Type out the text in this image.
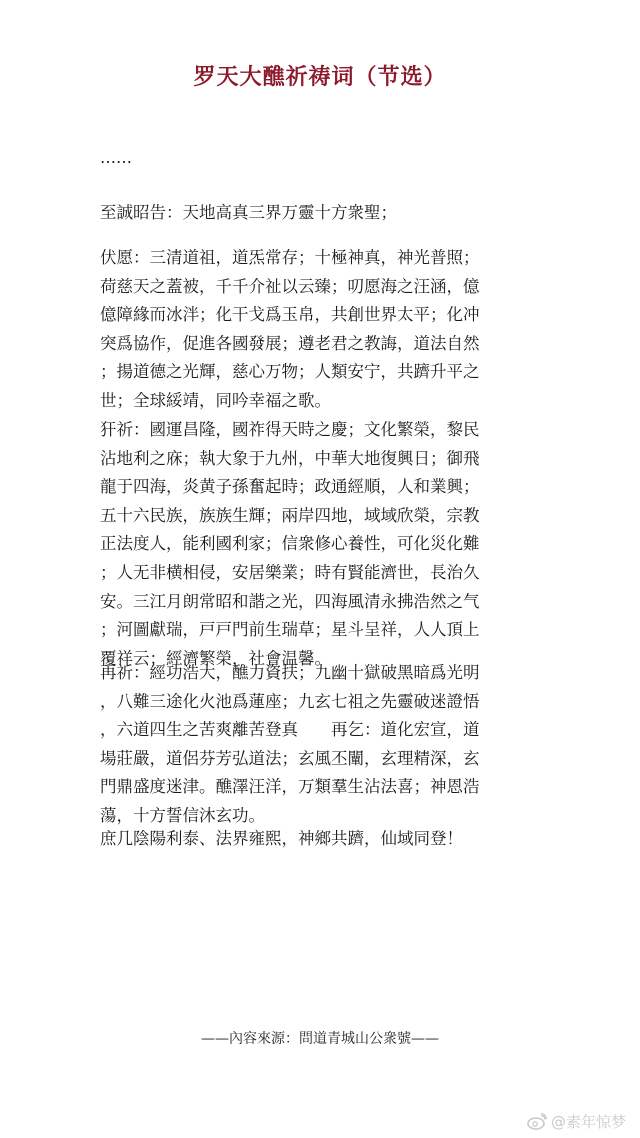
罗天大醮祈祷词（节选）

……

至誠昭告：天地高真三界万靈十方衆聖；

伏愿：三清道祖，道炁常存；十極神真，神光普照；
荷慈天之蓋被，千千介祉以云臻；叨愿海之汪涵，億
億障緣而冰泮；化干戈爲玉帛，共創世界太平；化冲
突爲協作，促進各國發展；遵老君之教誨，道法自然
；揚道德之光輝，慈心万物；人類安宁，共躋升平之
世；全球綏靖，同吟幸福之歌。

犴祈：國運昌隆，國祚得天時之慶；文化繁榮，黎民
沾地利之庥；執大象于九州，中華大地復興日；御飛
龍于四海，炎黄子孫奮起時；政通經順，人和業興；
五十六民族，族族生輝；兩岸四地，域域欣榮，宗教
正法度人，能利國利家；信衆修心養性，可化災化難
；人无非横相侵，安居樂業；時有賢能濟世，長治久
安。三江月朗常昭和諧之光，四海風清永拂浩然之气
；河圖獻瑞，戸戸門前生瑞草；星斗呈祥，人人頂上
覆祥云；經濟繁榮，社會温馨。

再祈：經功浩大，醮力資扶；九幽十獄破黑暗爲光明
，八難三途化火池爲蓮座；九玄七祖之先靈破迷證悟
，六道四生之苦爽離苦登真　　再乞：道化宏宣，道
場莊嚴，道侶芬芳弘道法；玄風丕闡，玄理精深，玄
門鼎盛度迷津。醮澤汪洋，万類羣生沾法喜；神恩浩
蕩，十方誓信沐玄功。

庶几陰陽利泰、法界雍熙，神鄉共躋，仙域同登！

——內容來源：問道青城山公衆號——

@素年惊梦
